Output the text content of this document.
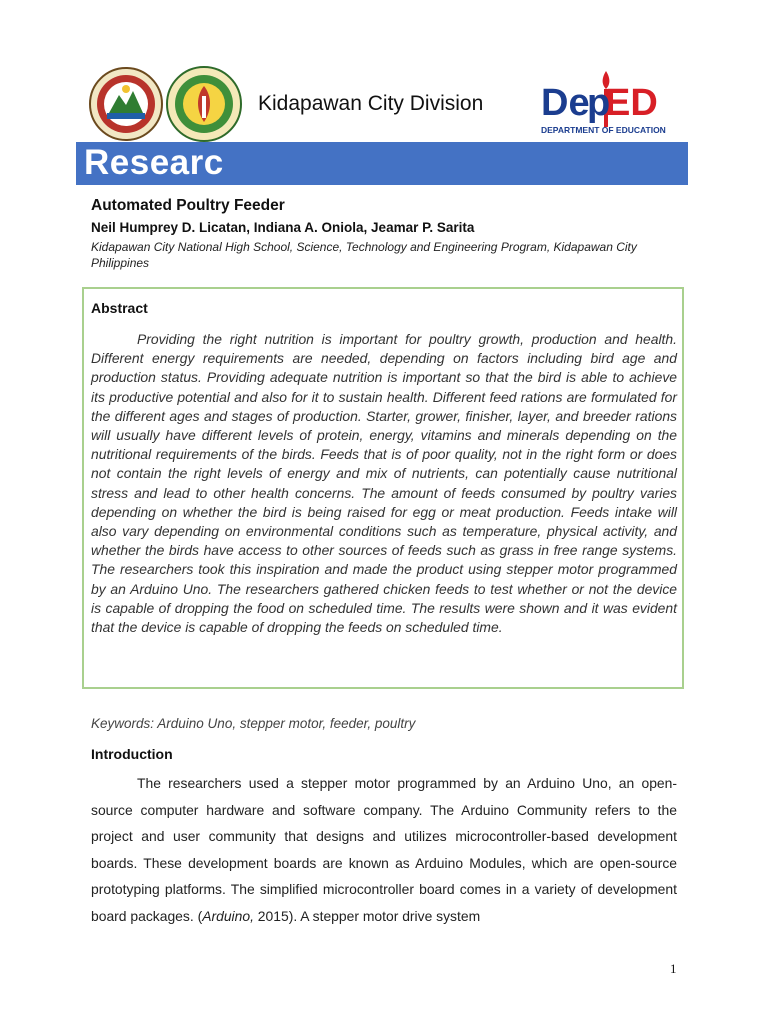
Kidapawan City Division De ED
p
DEPARTMENT OF EDUCATION
Researc
Automated Poultry Feeder
Neil Humprey D. Licatan, Indiana A. Oniola, Jeamar P. Sarita
Kidapawan City National High School, Science, Technology and Engineering Program, Kidapawan City Philippines
Abstract

Providing the right nutrition is important for poultry growth, production and health. Different energy requirements are needed, depending on factors including bird age and production status. Providing adequate nutrition is important so that the bird is able to achieve its productive potential and also for it to sustain health. Different feed rations are formulated for the different ages and stages of production. Starter, grower, finisher, layer, and breeder rations will usually have different levels of protein, energy, vitamins and minerals depending on the nutritional requirements of the birds. Feeds that is of poor quality, not in the right form or does not contain the right levels of energy and mix of nutrients, can potentially cause nutritional stress and lead to other health concerns. The amount of feeds consumed by poultry varies depending on whether the bird is being raised for egg or meat production. Feeds intake will also vary depending on environmental conditions such as temperature, physical activity, and whether the birds have access to other sources of feeds such as grass in free range systems. The researchers took this inspiration and made the product using stepper motor programmed by an Arduino Uno. The researchers gathered chicken feeds to test whether or not the device is capable of dropping the food on scheduled time. The results were shown and it was evident that the device is capable of dropping the feeds on scheduled time.

Keywords: Arduino Uno, stepper motor, feeder, poultry
Introduction

The researchers used a stepper motor programmed by an Arduino Uno, an open-source computer hardware and software company. The Arduino Community refers to the project and user community that designs and utilizes microcontroller-based development boards. These development boards are known as Arduino Modules, which are open-source prototyping platforms. The simplified microcontroller board comes in a variety of development board packages. (Arduino, 2015). A stepper motor drive system

1
